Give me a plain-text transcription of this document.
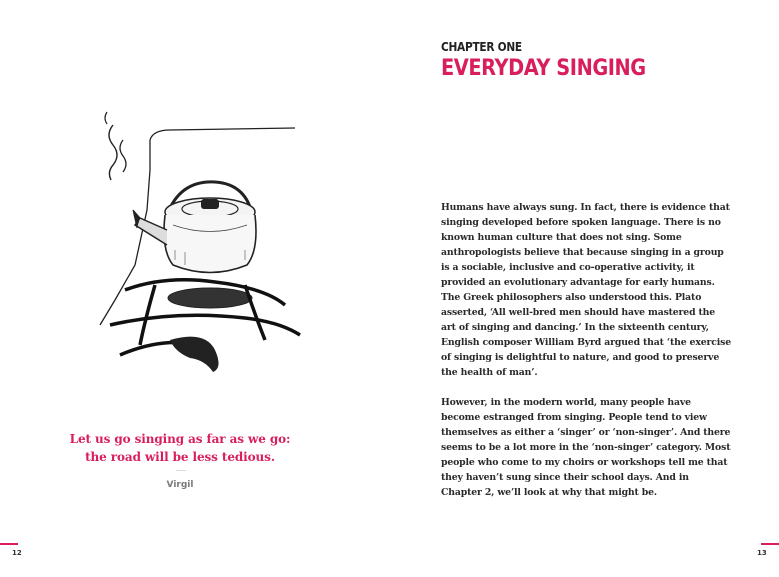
Let us go singing as far as we go:
the road will be less tedious.
Virgil
12
CHAPTER ONE
EVERYDAY SINGING

Humans have always sung. In fact, there is evidence that singing developed before spoken language. There is no known human culture that does not sing. Some anthropologists believe that because singing in a group is a sociable, inclusive and co-operative activity, it provided an evolutionary advantage for early humans. The Greek philosophers also understood this. Plato asserted, ‘All well-bred men should have mastered the art of singing and dancing.’ In the sixteenth century, English composer William Byrd argued that ‘the exercise of singing is delightful to nature, and good to preserve the health of man’.

However, in the modern world, many people have become estranged from singing. People tend to view themselves as either a ‘singer’ or ‘non-singer’. And there seems to be a lot more in the ‘non-singer’ category. Most people who come to my choirs or workshops tell me that they haven’t sung since their school days. And in Chapter 2, we’ll look at why that might be.

13
